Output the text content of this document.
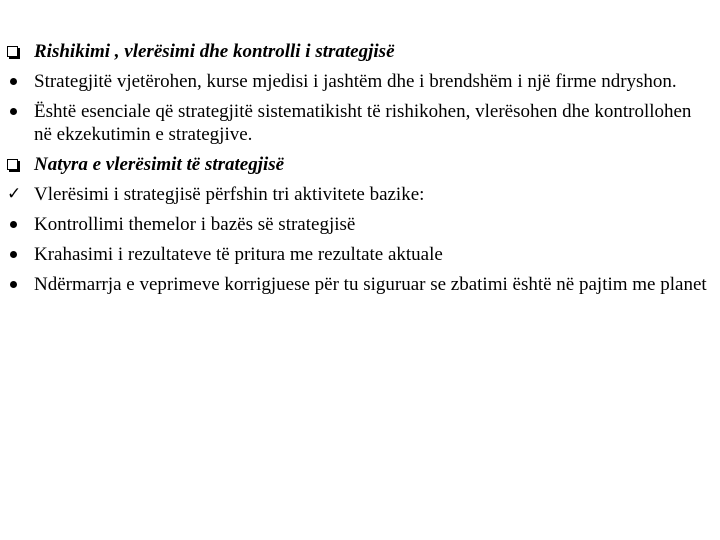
Rishikimi , vlerësimi dhe kontrolli i strategjisë
Strategjitë vjetërohen, kurse mjedisi i jashtëm dhe i brendshëm i një firme ndryshon.
Është esenciale që strategjitë sistematikisht të rishikohen, vlerësohen dhe kontrollohen në ekzekutimin e strategjive.
Natyra e vlerësimit të strategjisë
✓ Vlerësimi i strategjisë përfshin tri aktivitete bazike:
Kontrollimi themelor i bazës së strategjisë
Krahasimi i rezultateve të pritura me rezultate aktuale
Ndërmarrja e veprimeve korrigjuese për tu siguruar se zbatimi është në pajtim me planet
